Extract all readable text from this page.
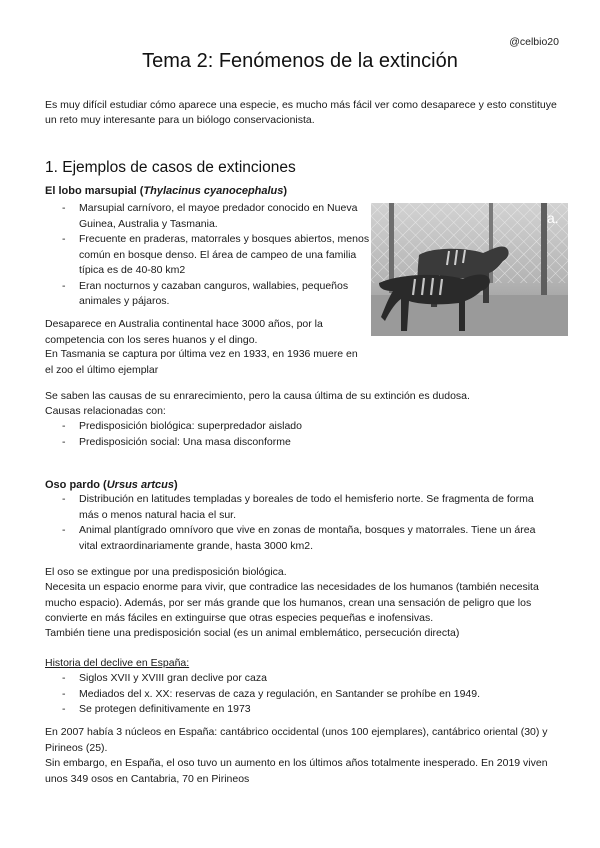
@celbio20
Tema 2: Fenómenos de la extinción

Es muy difícil estudiar cómo aparece una especie, es mucho más fácil ver como desaparece y esto constituye un reto muy interesante para un biólogo conservacionista.

1. Ejemplos de casos de extinciones

El lobo marsupial (Thylacinus cyanocephalus)

- Marsupial carnívoro, el mayoe predador conocido en Nueva Guinea, Australia y Tasmania.
- Frecuente en praderas, matorrales y bosques abiertos, menos común en bosque denso. El área de campeo de una familia típica es de 40-80 km2
- Eran nocturnos y cazaban canguros, wallabies, pequeños animales y pájaros.
a.

Desaparece en Australia continental hace 3000 años, por la competencia con los seres huanos y el dingo.

En Tasmania se captura por última vez en 1933, en 1936 muere en el zoo el último ejemplar

Se saben las causas de su enrarecimiento, pero la causa última de su extinción es dudosa.

Causas relacionadas con:

- Predisposición biológica: superpredador aislado
- Predisposición social: Una masa disconforme

Oso pardo (Ursus artcus)

- Distribución en latitudes templadas y boreales de todo el hemisferio norte. Se fragmenta de forma más o menos natural hacia el sur.
- Animal plantígrado omnívoro que vive en zonas de montaña, bosques y matorrales. Tiene un área vital extraordinariamente grande, hasta 3000 km2.

El oso se extingue por una predisposición biológica.

Necesita un espacio enorme para vivir, que contradice las necesidades de los humanos (también necesita mucho espacio). Además, por ser más grande que los humanos, crean una sensación de peligro que los convierte en más fáciles en extinguirse que otras especies pequeñas e inofensivas.

También tiene una predisposición social (es un animal emblemático, persecución directa)

Historia del declive en España:

- Siglos XVII y XVIII gran declive por caza
- Mediados del x. XX: reservas de caza y regulación, en Santander se prohíbe en 1949.
- Se protegen definitivamente en 1973

En 2007 había 3 núcleos en España: cantábrico occidental (unos 100 ejemplares), cantábrico oriental (30) y Pirineos (25).

Sin embargo, en España, el oso tuvo un aumento en los últimos años totalmente inesperado. En 2019 viven unos 349 osos en Cantabria, 70 en Pirineos
